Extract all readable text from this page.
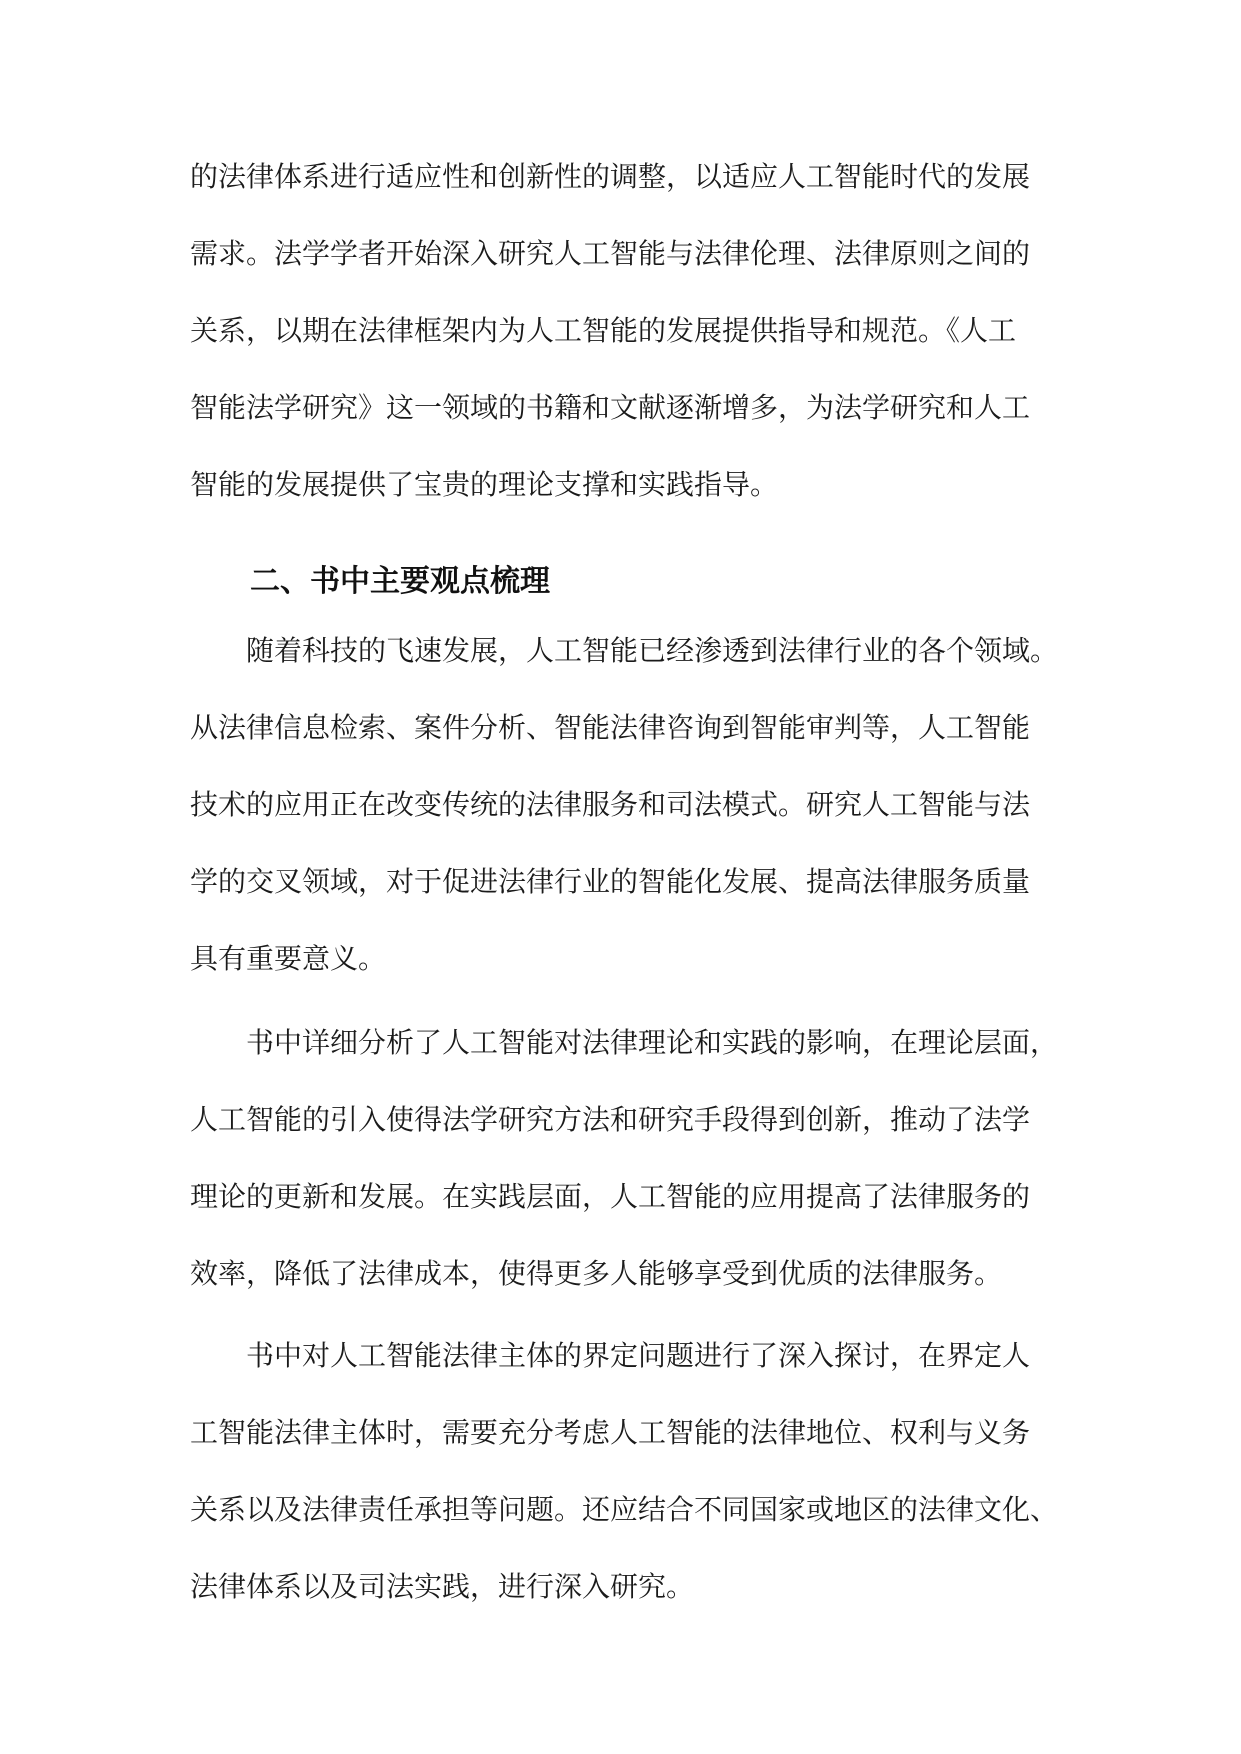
的法律体系进行适应性和创新性的调整，以适应人工智能时代的发展
需求。法学学者开始深入研究人工智能与法律伦理、法律原则之间的
关系，以期在法律框架内为人工智能的发展提供指导和规范。《人工
智能法学研究》这一领域的书籍和文献逐渐增多，为法学研究和人工
智能的发展提供了宝贵的理论支撑和实践指导。
二、书中主要观点梳理
随着科技的飞速发展，人工智能已经渗透到法律行业的各个领域。
从法律信息检索、案件分析、智能法律咨询到智能审判等，人工智能
技术的应用正在改变传统的法律服务和司法模式。研究人工智能与法
学的交叉领域，对于促进法律行业的智能化发展、提高法律服务质量
具有重要意义。
书中详细分析了人工智能对法律理论和实践的影响，在理论层面，
人工智能的引入使得法学研究方法和研究手段得到创新，推动了法学
理论的更新和发展。在实践层面，人工智能的应用提高了法律服务的
效率，降低了法律成本，使得更多人能够享受到优质的法律服务。
书中对人工智能法律主体的界定问题进行了深入探讨，在界定人
工智能法律主体时，需要充分考虑人工智能的法律地位、权利与义务
关系以及法律责任承担等问题。还应结合不同国家或地区的法律文化、
法律体系以及司法实践，进行深入研究。
